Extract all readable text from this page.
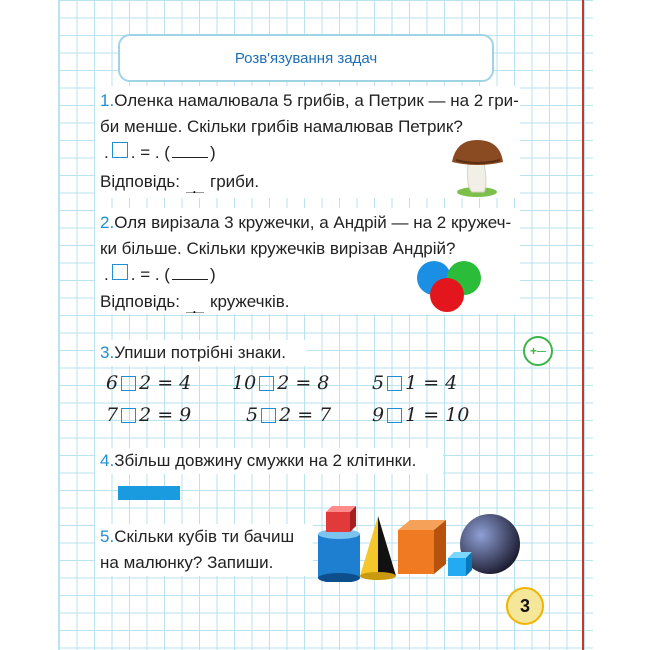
Розв'язування задач
1.Оленка намалювала 5 грибів, а Петрик — на 2 гри-
би менше. Скільки грибів намалював Петрик?
. . = . ( )
Відповідь: . гриби.
2.Оля вирізала 3 кружечки, а Андрій — на 2 кружеч-
ки більше. Скільки кружечків вирізав Андрій?
. . = . ( )
Відповідь: . кружечків.
3.Упиши потрібні знаки.
6 2 = 4 10 2 = 8 5 1 = 4
7 2 = 9	5 2 = 7 9 1 = 10
4.Збільш довжину смужки на 2 клітинки.
5.Скільки кубів ти бачиш
на малюнку? Запиши.
+ —
3
